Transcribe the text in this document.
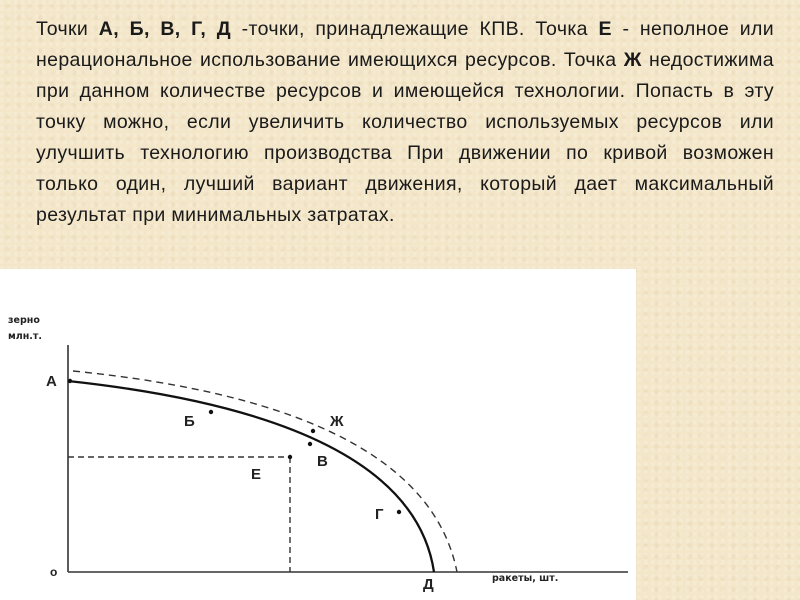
Точки А, Б, В, Г, Д -точки, принадлежащие КПВ. Точка Е - неполное или нерациональное использование имеющихся ресурсов. Точка Ж недостижима при данном количестве ресурсов и имеющейся технологии. Попасть в эту точку можно, если увеличить количество используемых ресурсов или улучшить технологию производства При движении по кривой возможен только один, лучший вариант движения, который дает максимальный результат при минимальных затратах.
зерно
млн.т.
о	ракеты, шт.
А
Б	Ж
В
Е
Г
Д
